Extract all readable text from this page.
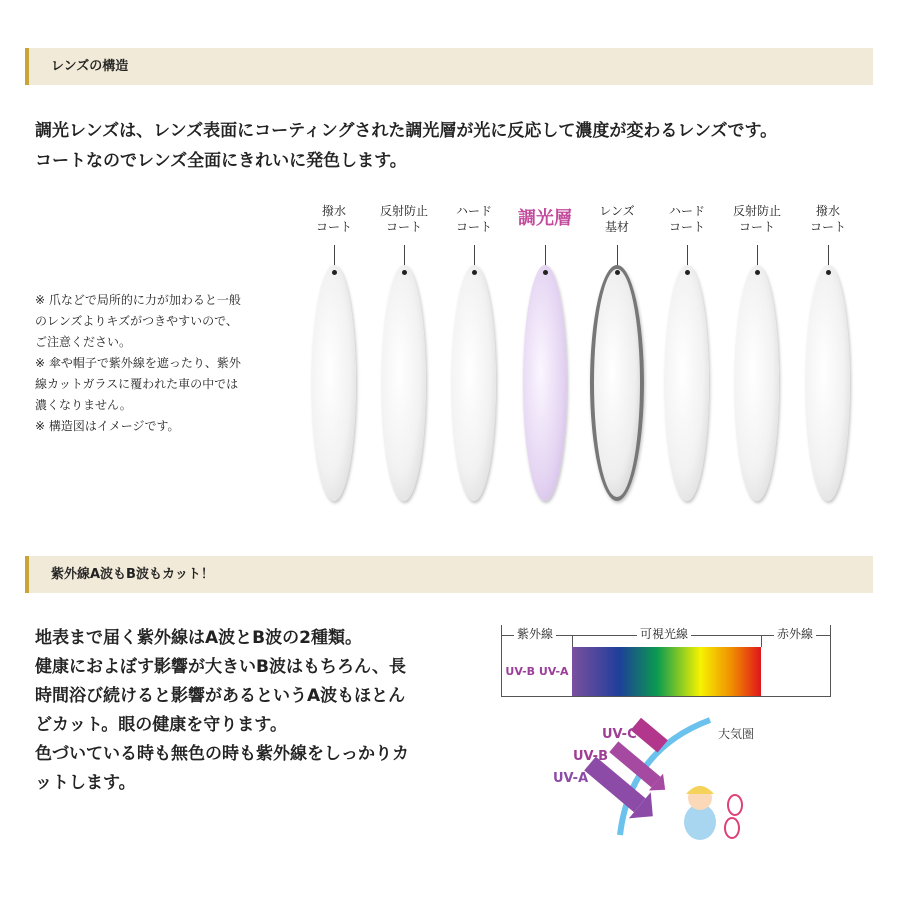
レンズの構造
調光レンズは、レンズ表面にコーティングされた調光層が光に反応して濃度が変わるレンズです。
コートなのでレンズ全面にきれいに発色します。
※ 爪などで局所的に力が加わると一般
のレンズよりキズがつきやすいので、
ご注意ください。
※ 傘や帽子で紫外線を遮ったり、紫外
線カットガラスに覆われた車の中では
濃くなりません。
※ 構造図はイメージです。
撥水
コート
反射防止
コート
ハード
コート	調光層	レンズ
基材
ハード
コート
反射防止
コート
撥水
コート
紫外線A波もB波もカット！
地表まで届く紫外線はA波とB波の2種類。
健康におよぼす影響が大きいB波はもちろん、長
時間浴び続けると影響があるというA波もほとん
どカット。眼の健康を守ります。
色づいている時も無色の時も紫外線をしっかりカ
ットします。
紫外線	可視光線	赤外線
UV-B UV-A
UV-C
UV-B
UV-A
大気圏
